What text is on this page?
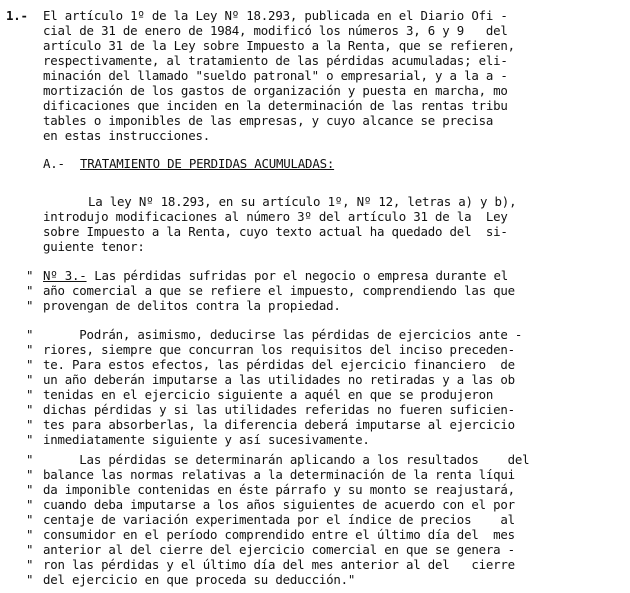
1.- El artículo 1º de la Ley Nº 18.293, publicada en el Diario Ofi -
cial de 31 de enero de 1984, modificó los números 3, 6 y 9   del
artículo 31 de la Ley sobre Impuesto a la Renta, que se refieren,
respectivamente, al tratamiento de las pérdidas acumuladas; eli-
minación del llamado "sueldo patronal" o empresarial, y a la a -
mortización de los gastos de organización y puesta en marcha, mo
dificaciones que inciden en la determinación de las rentas tribu
tables o imponibles de las empresas, y cuyo alcance se precisa
en estas instrucciones.
A.- TRATAMIENTO DE PERDIDAS ACUMULADAS:
La ley Nº 18.293, en su artículo 1º, Nº 12, letras a) y b),
introdujo modificaciones al número 3º del artículo 31 de la  Ley
sobre Impuesto a la Renta, cuyo texto actual ha quedado del  si-
guiente tenor:
" Nº 3.- Las pérdidas sufridas por el negocio o empresa durante el
" año comercial a que se refiere el impuesto, comprendiendo las que
" provengan de delitos contra la propiedad.
" Podrán, asimismo, deducirse las pérdidas de ejercicios ante -
" riores, siempre que concurran los requisitos del inciso preceden-
" te. Para estos efectos, las pérdidas del ejercicio financiero  de
" un año deberán imputarse a las utilidades no retiradas y a las ob
" tenidas en el ejercicio siguiente a aquél en que se produjeron
" dichas pérdidas y si las utilidades referidas no fueren suficien-
" tes para absorberlas, la diferencia deberá imputarse al ejercicio
" inmediatamente siguiente y así sucesivamente.
" Las pérdidas se determinarán aplicando a los resultados    del
" balance las normas relativas a la determinación de la renta líqui
" da imponible contenidas en éste párrafo y su monto se reajustará,
" cuando deba imputarse a los años siguientes de acuerdo con el por
" centaje de variación experimentada por el índice de precios    al
" consumidor en el período comprendido entre el último día del  mes
" anterior al del cierre del ejercicio comercial en que se genera -
" ron las pérdidas y el último día del mes anterior al del   cierre
" del ejercicio en que proceda su deducción."
